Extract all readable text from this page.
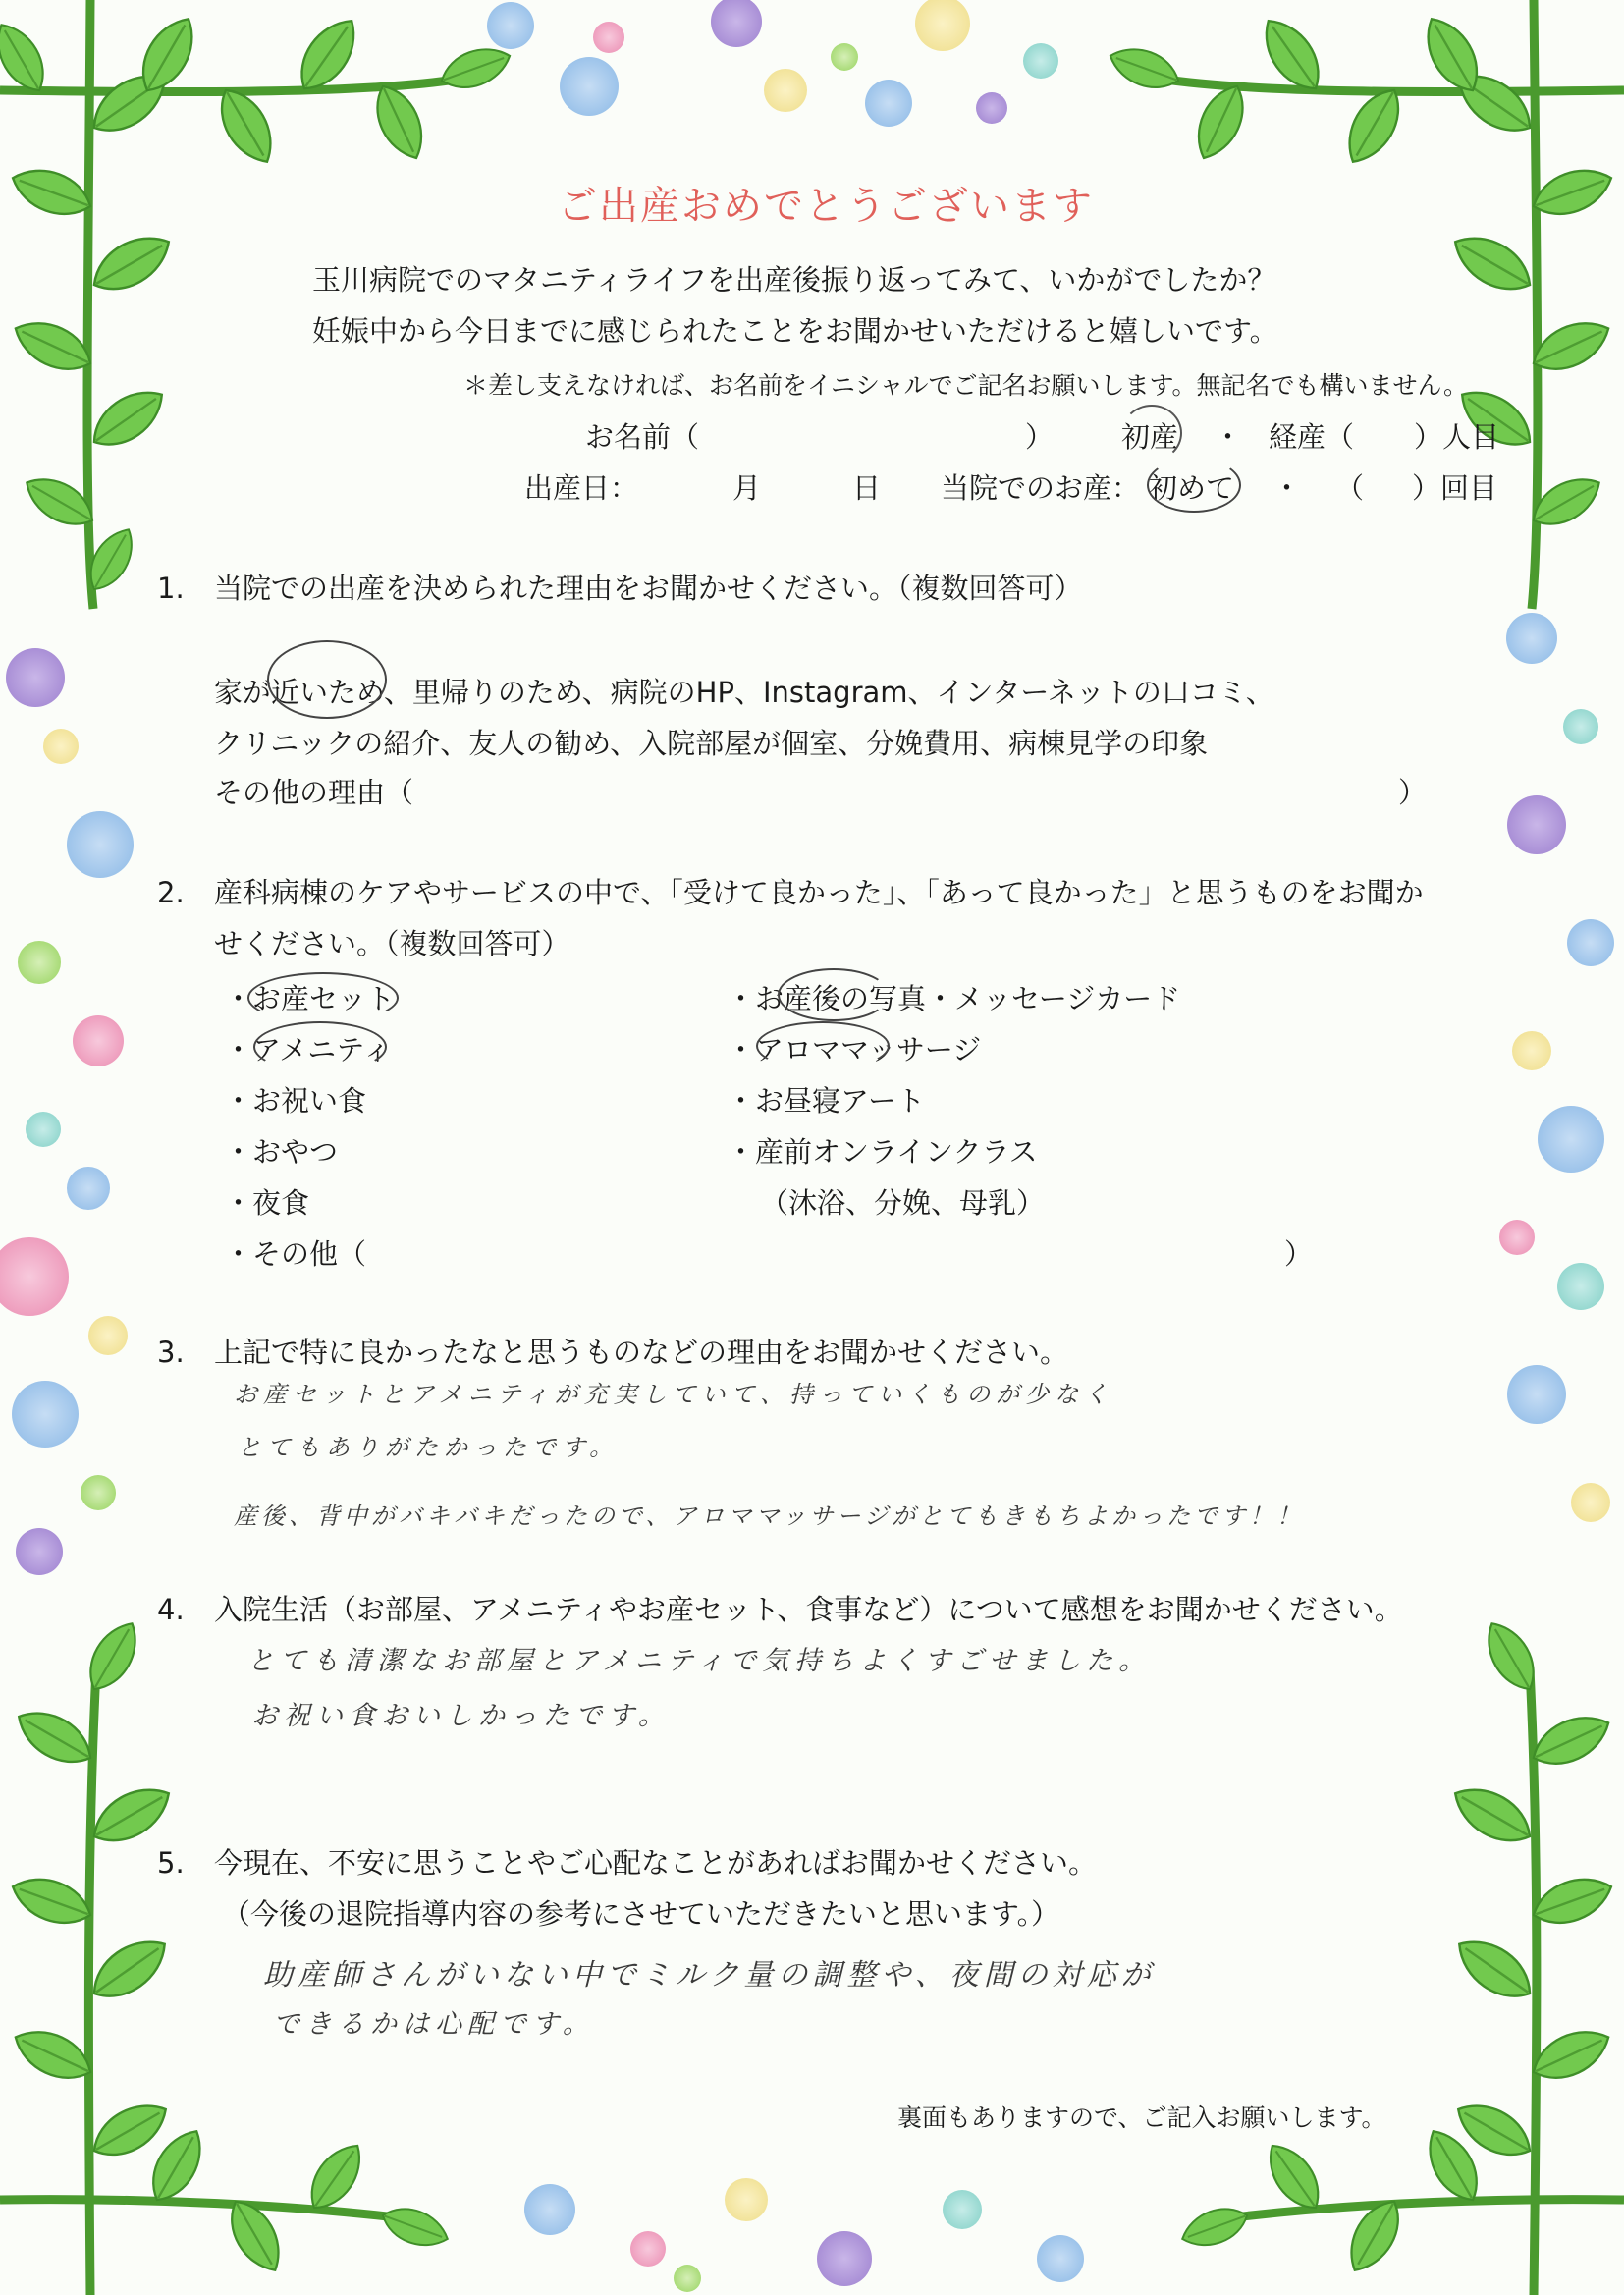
ご出産おめでとうございます
玉川病院でのマタニティライフを出産後振り返ってみて、いかがでしたか？
妊娠中から今日までに感じられたことをお聞かせいただけると嬉しいです。
＊差し支えなければ、お名前をイニシャルでご記名お願いします。無記名でも構いません。
お名前（	） 初産 ・ 経産（ ）人目
出産日：	月	日 当院でのお産： 初めて ・ （ ）回目
1. 当院での出産を決められた理由をお聞かせください。（複数回答可）
家が近いため、里帰りのため、病院のHP、Instagram、インターネットの口コミ、
クリニックの紹介、友人の勧め、入院部屋が個室、分娩費用、病棟見学の印象
その他の理由（	）
2. 産科病棟のケアやサービスの中で、「受けて良かった」、「あって良かった」と思うものをお聞か
せください。（複数回答可）
・お産セット
・アメニティ
・お祝い食
・おやつ
・夜食
・その他（	）
・お産後の写真・メッセージカード
・アロママッサージ
・お昼寝アート
・産前オンラインクラス
（沐浴、分娩、母乳）
3. 上記で特に良かったなと思うものなどの理由をお聞かせください。
お産セットとアメニティが充実していて、持っていくものが少なく
とてもありがたかったです。
産後、背中がバキバキだったので、アロママッサージがとてもきもちよかったです！！
4. 入院生活（お部屋、アメニティやお産セット、食事など）について感想をお聞かせください。
とても清潔なお部屋とアメニティで気持ちよくすごせました。
お祝い食おいしかったです。
5. 今現在、不安に思うことやご心配なことがあればお聞かせください。
（今後の退院指導内容の参考にさせていただきたいと思います。）
助産師さんがいない中でミルク量の調整や、夜間の対応が
できるかは心配です。
裏面もありますので、ご記入お願いします。
